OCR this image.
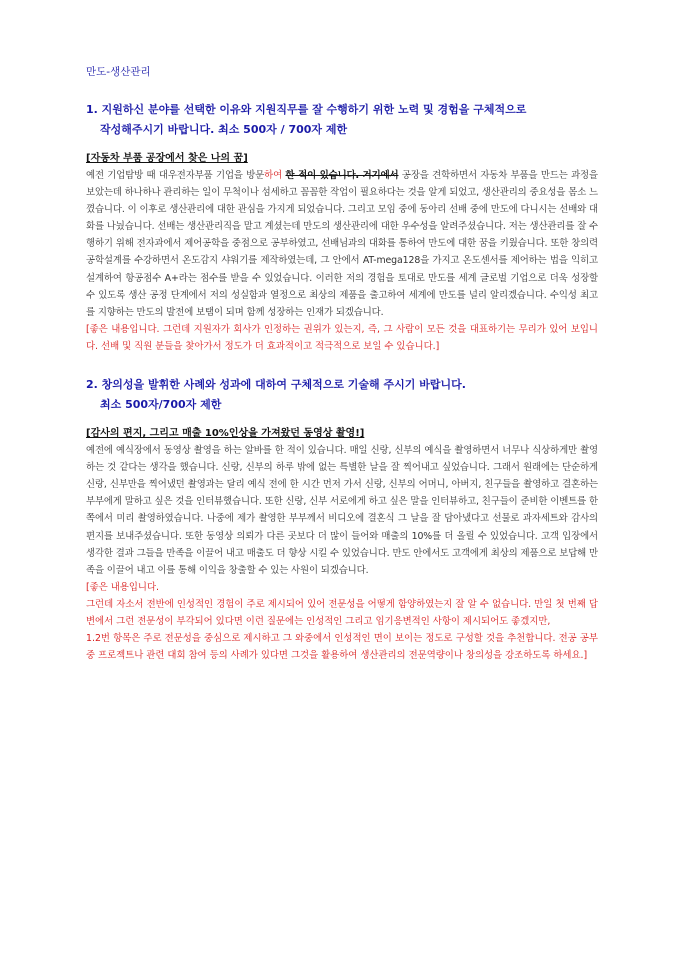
만도-생산관리
1. 지원하신 분야를 선택한 이유와 지원직무를 잘 수행하기 위한 노력 및 경험을 구체적으로
작성해주시기 바랍니다. 최소 500자 / 700자 제한

[자동차 부품 공장에서 찾은 나의 꿈]

예전 기업탐방 때 대우전자부품 기업을 방문하여 한 적이 있습니다. 거기에서 공장을 견학하면서 자동차 부품을 만드는 과정을 보았는데 하나하나 관리하는 일이 무척이나 섬세하고 꼼꼼한 작업이 필요하다는 것을 알게 되었고, 생산관리의 중요성을 몸소 느꼈습니다. 이 이후로 생산관리에 대한 관심을 가지게 되었습니다. 그리고 모임 중에 동아리 선배 중에 만도에 다니시는 선배와 대화를 나눴습니다. 선배는 생산관리직을 맡고 계셨는데 만도의 생산관리에 대한 우수성을 알려주셨습니다. 저는 생산관리를 잘 수행하기 위해 전자과에서 제어공학을 중점으로 공부하였고, 선배님과의 대화를 통하여 만도에 대한 꿈을 키웠습니다. 또한 창의력공학설계를 수강하면서 온도감지 샤워기를 제작하였는데, 그 안에서 AT-mega128을 가지고 온도센서를 제어하는 법을 익히고 설계하여 항공점수 A+라는 점수를 받을 수 있었습니다. 이러한 저의 경험을 토대로 만도를 세계 글로벌 기업으로 더욱 성장할 수 있도록 생산 공정 단계에서 저의 성실함과 열정으로 최상의 제품을 출고하여 세계에 만도를 널리 알리겠습니다. 수익성 최고를 지향하는 만도의 발전에 보탬이 되며 함께 성장하는 인재가 되겠습니다.

[좋은 내용입니다. 그런데 지원자가 회사가 인정하는 권위가 있는지, 즉, 그 사람이 모든 것을 대표하기는 무리가 있어 보입니다. 선배 및 직원 분들을 찾아가서 정도가 더 효과적이고 적극적으로 보일 수 있습니다.]

2. 창의성을 발휘한 사례와 성과에 대하여 구체적으로 기술해 주시기 바랍니다.
최소 500자/700자 제한

[감사의 편지, 그리고 매출 10%인상을 가져왔던 동영상 촬영!]

예전에 예식장에서 동영상 촬영을 하는 알바를 한 적이 있습니다. 매일 신랑, 신부의 예식을 촬영하면서 너무나 식상하게만 촬영하는 것 같다는 생각을 했습니다. 신랑, 신부의 하루 밖에 없는 특별한 날을 잘 찍어내고 싶었습니다. 그래서 원래에는 단순하게 신랑, 신부만을 찍어냈던 촬영과는 달리 예식 전에 한 시간 먼저 가서 신랑, 신부의 어머니, 아버지, 친구들을 촬영하고 결혼하는 부부에게 말하고 싶은 것을 인터뷰했습니다. 또한 신랑, 신부 서로에게 하고 싶은 말을 인터뷰하고, 친구들이 준비한 이벤트를 한 쪽에서 미리 촬영하였습니다. 나중에 제가 촬영한 부부께서 비디오에 결혼식 그 날을 잘 담아냈다고 선물로 과자세트와 감사의 편지를 보내주셨습니다. 또한 동영상 의뢰가 다른 곳보다 더 많이 들어와 매출의 10%를 더 올릴 수 있었습니다. 고객 입장에서 생각한 결과 그들을 만족을 이끌어 내고 매출도 더 향상 시킬 수 있었습니다. 만도 안에서도 고객에게 최상의 제품으로 보답해 만족을 이끌어 내고 이를 통해 이익을 창출할 수 있는 사원이 되겠습니다.

[좋은 내용입니다.

그런데 자소서 전반에 인성적인 경험이 주로 제시되어 있어 전문성을 어떻게 함양하였는지 잘 알 수 없습니다. 만일 첫 번째 답변에서 그런 전문성이 부각되어 있다면 이런 질문에는 인성적인 그리고 임기응변적인 사항이 제시되어도 좋겠지만,

1.2번 항목은 주로 전문성을 중심으로 제시하고 그 와중에서 인성적인 면이 보이는 정도로 구성할 것을 추천합니다. 전공 공부 중 프로젝트나 관련 대회 참여 등의 사례가 있다면 그것을 활용하여 생산관리의 전문역량이나 창의성을 강조하도록 하세요.]
